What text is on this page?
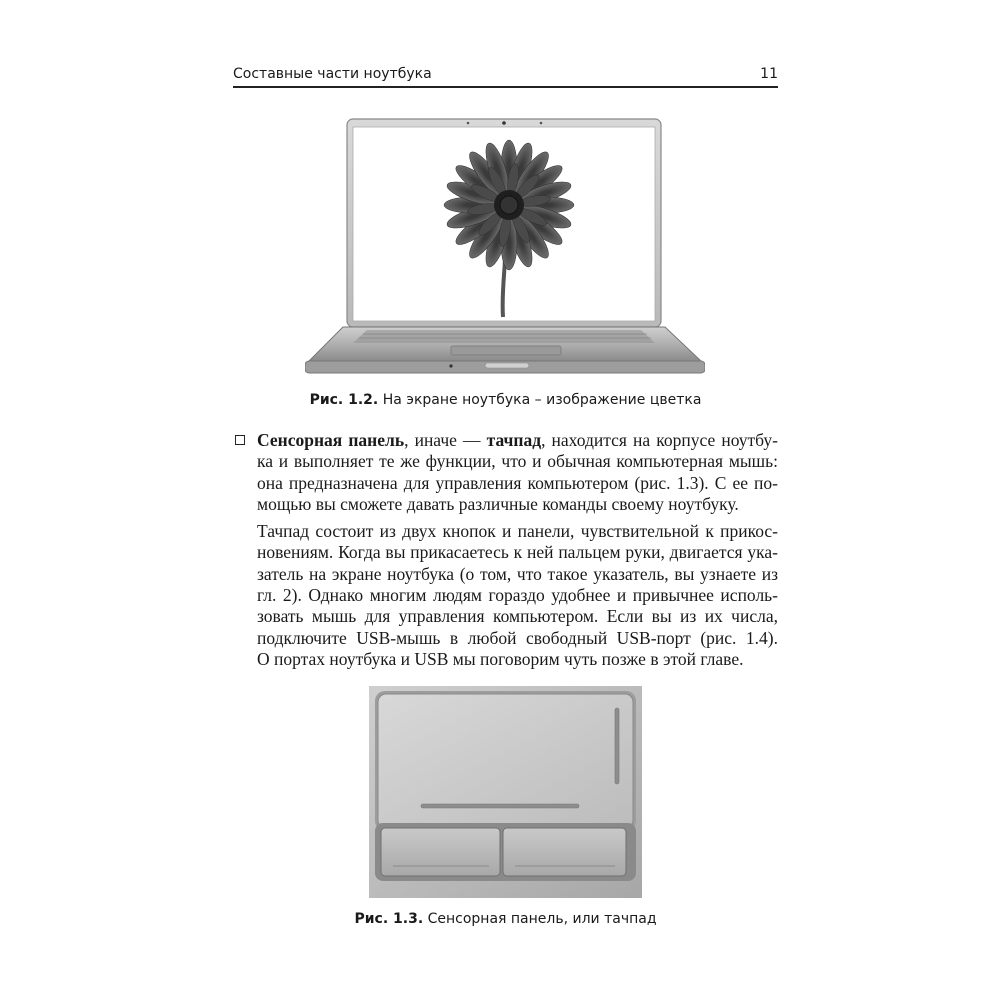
Составные части ноутбука	11
Рис. 1.2. На экране ноутбука – изображение цветка
Сенсорная панель, иначе — тачпад, находится на корпусе ноутбу-
ка и выполняет те же функции, что и обычная компьютерная мышь:
она предназначена для управления компьютером (рис. 1.3). С ее по-
мощью вы сможете давать различные команды своему ноутбуку.
Тачпад состоит из двух кнопок и панели, чувствительной к прикос-
новениям. Когда вы прикасаетесь к ней пальцем руки, двигается ука-
затель на экране ноутбука (о том, что такое указатель, вы узнаете из
гл. 2). Однако многим людям гораздо удобнее и привычнее исполь-
зовать мышь для управления компьютером. Если вы из их числа,
подключите USB-мышь в любой свободный USB-порт (рис. 1.4).
О портах ноутбука и USB мы поговорим чуть позже в этой главе.
Рис. 1.3. Сенсорная панель, или тачпад
